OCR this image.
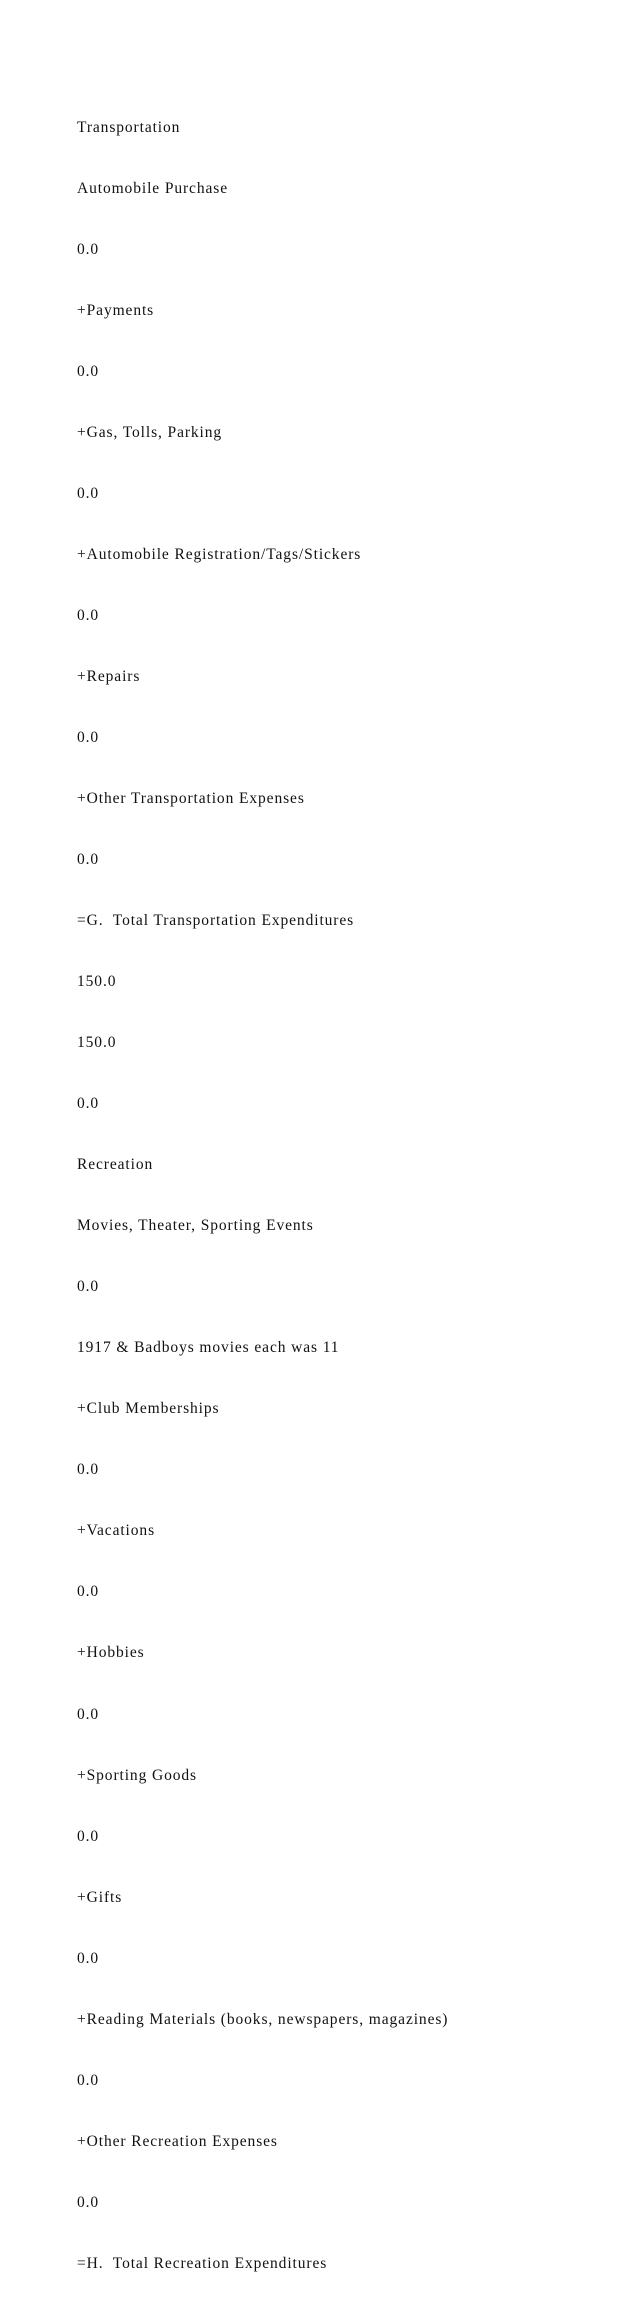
Transportation

Automobile Purchase

0.0

+Payments

0.0

+Gas, Tolls, Parking

0.0

+Automobile Registration/Tags/Stickers

0.0

+Repairs

0.0

+Other Transportation Expenses

0.0

=G.  Total Transportation Expenditures

150.0

150.0

0.0

Recreation

Movies, Theater, Sporting Events

0.0

1917 & Badboys movies each was 11

+Club Memberships

0.0

+Vacations

0.0

+Hobbies

0.0

+Sporting Goods

0.0

+Gifts

0.0

+Reading Materials (books, newspapers, magazines)

0.0

+Other Recreation Expenses

0.0

=H.  Total Recreation Expenditures
